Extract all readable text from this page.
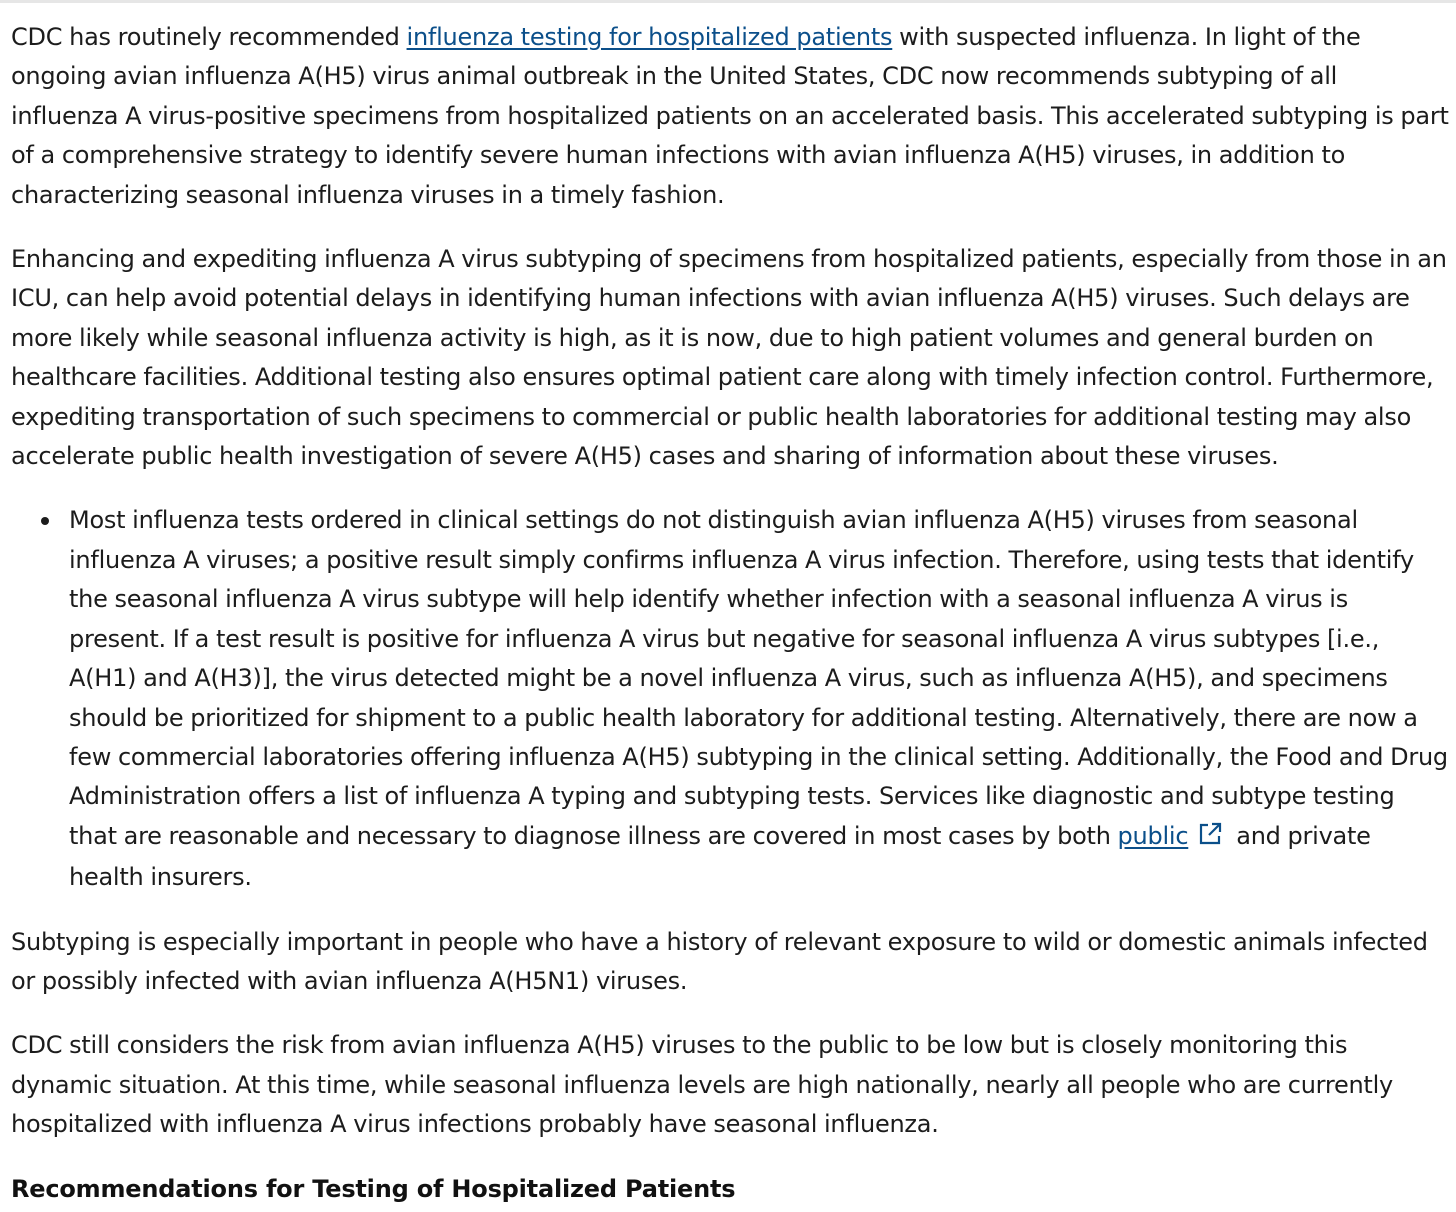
CDC has routinely recommended influenza testing for hospitalized patients with suspected influenza. In light of the ongoing avian influenza A(H5) virus animal outbreak in the United States, CDC now recommends subtyping of all influenza A virus-positive specimens from hospitalized patients on an accelerated basis. This accelerated subtyping is part of a comprehensive strategy to identify severe human infections with avian influenza A(H5) viruses, in addition to characterizing seasonal influenza viruses in a timely fashion.

Enhancing and expediting influenza A virus subtyping of specimens from hospitalized patients, especially from those in an ICU, can help avoid potential delays in identifying human infections with avian influenza A(H5) viruses. Such delays are more likely while seasonal influenza activity is high, as it is now, due to high patient volumes and general burden on healthcare facilities. Additional testing also ensures optimal patient care along with timely infection control. Furthermore, expediting transportation of such specimens to commercial or public health laboratories for additional testing may also accelerate public health investigation of severe A(H5) cases and sharing of information about these viruses.

Most influenza tests ordered in clinical settings do not distinguish avian influenza A(H5) viruses from seasonal influenza A viruses; a positive result simply confirms influenza A virus infection. Therefore, using tests that identify the seasonal influenza A virus subtype will help identify whether infection with a seasonal influenza A virus is present. If a test result is positive for influenza A virus but negative for seasonal influenza A virus subtypes [i.e., A(H1) and A(H3)], the virus detected might be a novel influenza A virus, such as influenza A(H5), and specimens should be prioritized for shipment to a public health laboratory for additional testing. Alternatively, there are now a few commercial laboratories offering influenza A(H5) subtyping in the clinical setting. Additionally, the Food and Drug Administration offers a list of influenza A typing and subtyping tests. Services like diagnostic and subtype testing that are reasonable and necessary to diagnose illness are covered in most cases by both public and private health insurers.

Subtyping is especially important in people who have a history of relevant exposure to wild or domestic animals infected or possibly infected with avian influenza A(H5N1) viruses.

CDC still considers the risk from avian influenza A(H5) viruses to the public to be low but is closely monitoring this dynamic situation. At this time, while seasonal influenza levels are high nationally, nearly all people who are currently hospitalized with influenza A virus infections probably have seasonal influenza.

Recommendations for Testing of Hospitalized Patients
